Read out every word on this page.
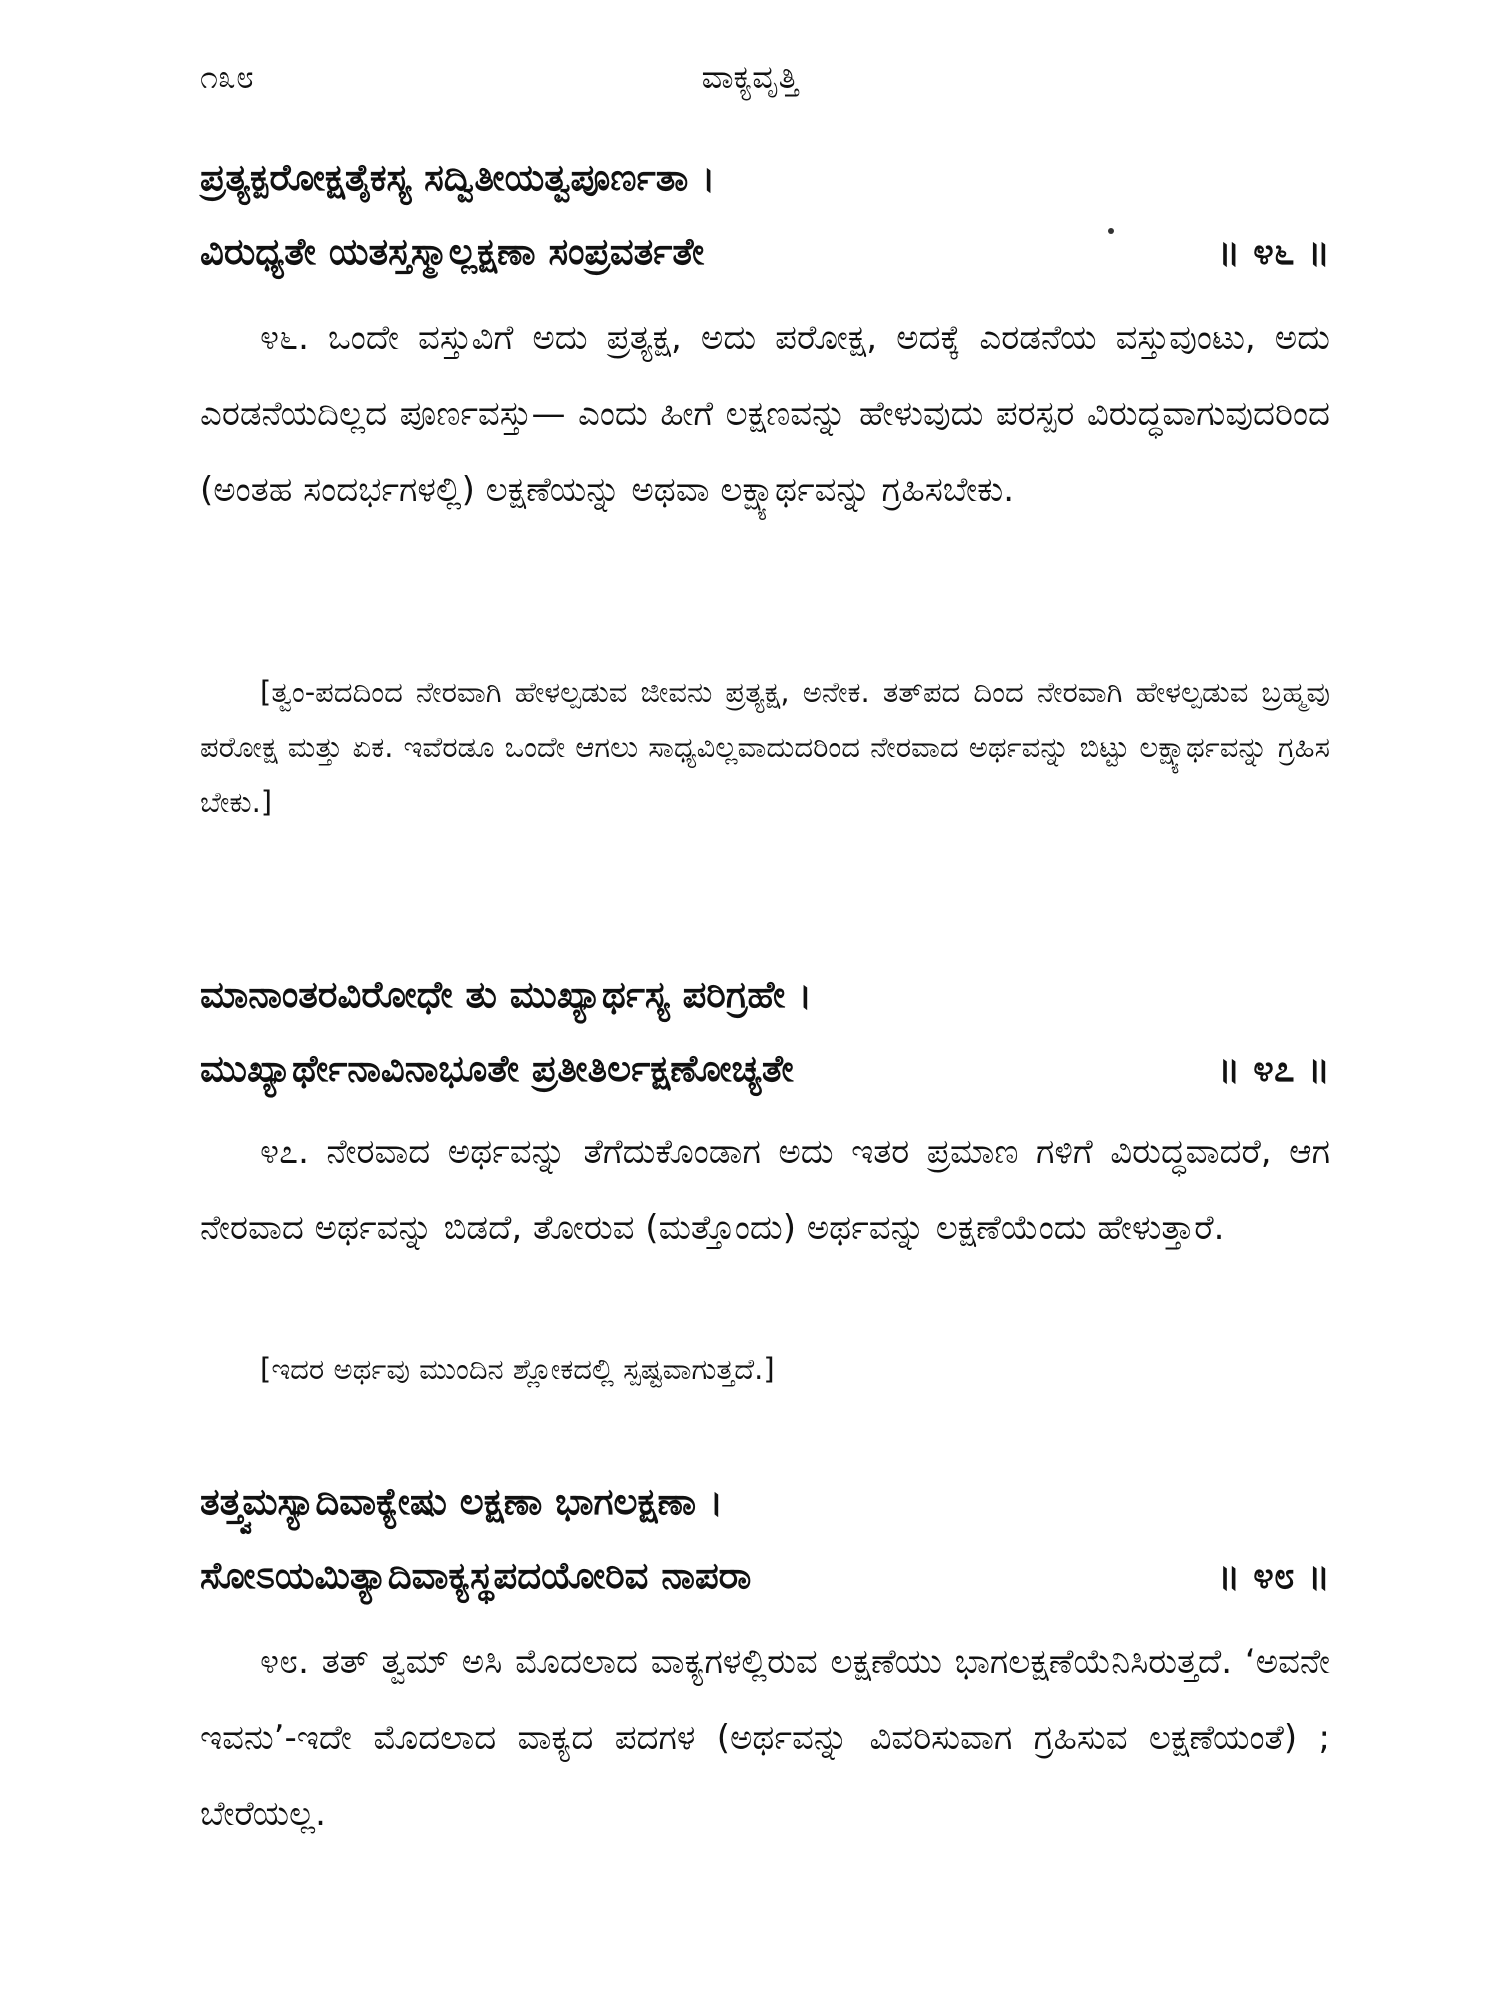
೧೩೮	ವಾಕ್ಯವೃತ್ತಿ
ಪ್ರತ್ಯಕ್ಪರೋಕ್ಷತೈಕಸ್ಯ ಸದ್ವಿತೀಯತ್ವಪೂರ್ಣತಾ ।
ವಿರುಧ್ಯತೇ ಯತಸ್ತಸ್ಮಾಲ್ಲಕ್ಷಣಾ ಸಂಪ್ರವರ್ತತೇ	॥ ೪೬ ॥

೪೬. ಒಂದೇ ವಸ್ತುವಿಗೆ ಅದು ಪ್ರತ್ಯಕ್ಷ, ಅದು ಪರೋಕ್ಷ, ಅದಕ್ಕೆ ಎರಡನೆಯ ವಸ್ತುವುಂಟು, ಅದು ಎರಡನೆಯದಿಲ್ಲದ ಪೂರ್ಣವಸ್ತು— ಎಂದು ಹೀಗೆ ಲಕ್ಷಣವನ್ನು ಹೇಳುವುದು ಪರಸ್ಪರ ವಿರುದ್ಧವಾಗುವುದರಿಂದ (ಅಂತಹ ಸಂದರ್ಭಗಳಲ್ಲಿ) ಲಕ್ಷಣೆಯನ್ನು ಅಥವಾ ಲಕ್ಷ್ಯಾರ್ಥವನ್ನು ಗ್ರಹಿಸಬೇಕು.

[ತ್ವಂ-ಪದದಿಂದ ನೇರವಾಗಿ ಹೇಳಲ್ಪಡುವ ಜೀವನು ಪ್ರತ್ಯಕ್ಷ, ಅನೇಕ. ತತ್‌ಪದ ದಿಂದ ನೇರವಾಗಿ ಹೇಳಲ್ಪಡುವ ಬ್ರಹ್ಮವು ಪರೋಕ್ಷ ಮತ್ತು ಏಕ. ಇವೆರಡೂ ಒಂದೇ ಆಗಲು ಸಾಧ್ಯವಿಲ್ಲವಾದುದರಿಂದ ನೇರವಾದ ಅರ್ಥವನ್ನು ಬಿಟ್ಟು ಲಕ್ಷ್ಯಾರ್ಥವನ್ನು ಗ್ರಹಿಸ ಬೇಕು.]

ಮಾನಾಂತರವಿರೋಧೇ ತು ಮುಖ್ಯಾರ್ಥಸ್ಯ ಪರಿಗ್ರಹೇ ।
ಮುಖ್ಯಾರ್ಥೇನಾವಿನಾಭೂತೇ ಪ್ರತೀತಿರ್ಲಕ್ಷಣೋಚ್ಯತೇ	॥ ೪೭ ॥

೪೭. ನೇರವಾದ ಅರ್ಥವನ್ನು ತೆಗೆದುಕೊಂಡಾಗ ಅದು ಇತರ ಪ್ರಮಾಣ ಗಳಿಗೆ ವಿರುದ್ಧವಾದರೆ, ಆಗ ನೇರವಾದ ಅರ್ಥವನ್ನು ಬಿಡದೆ, ತೋರುವ (ಮತ್ತೊಂದು) ಅರ್ಥವನ್ನು ಲಕ್ಷಣೆಯೆಂದು ಹೇಳುತ್ತಾರೆ.

[ಇದರ ಅರ್ಥವು ಮುಂದಿನ ಶ್ಲೋಕದಲ್ಲಿ ಸ್ಪಷ್ಟವಾಗುತ್ತದೆ.]

ತತ್ತ್ವಮಸ್ಯಾದಿವಾಕ್ಯೇಷು ಲಕ್ಷಣಾ ಭಾಗಲಕ್ಷಣಾ ।
ಸೋಽಯಮಿತ್ಯಾದಿವಾಕ್ಯಸ್ಥಪದಯೋರಿವ ನಾಪರಾ	॥ ೪೮ ॥

೪೮. ತತ್ ತ್ವಮ್ ಅಸಿ ಮೊದಲಾದ ವಾಕ್ಯಗಳಲ್ಲಿರುವ ಲಕ್ಷಣೆಯು ಭಾಗಲಕ್ಷಣೆಯೆನಿಸಿರುತ್ತದೆ. ‘ಅವನೇ ಇವನು’-ಇದೇ ಮೊದಲಾದ ವಾಕ್ಯದ ಪದಗಳ (ಅರ್ಥವನ್ನು ವಿವರಿಸುವಾಗ ಗ್ರಹಿಸುವ ಲಕ್ಷಣೆಯಂತೆ) ; ಬೇರೆಯಲ್ಲ.
